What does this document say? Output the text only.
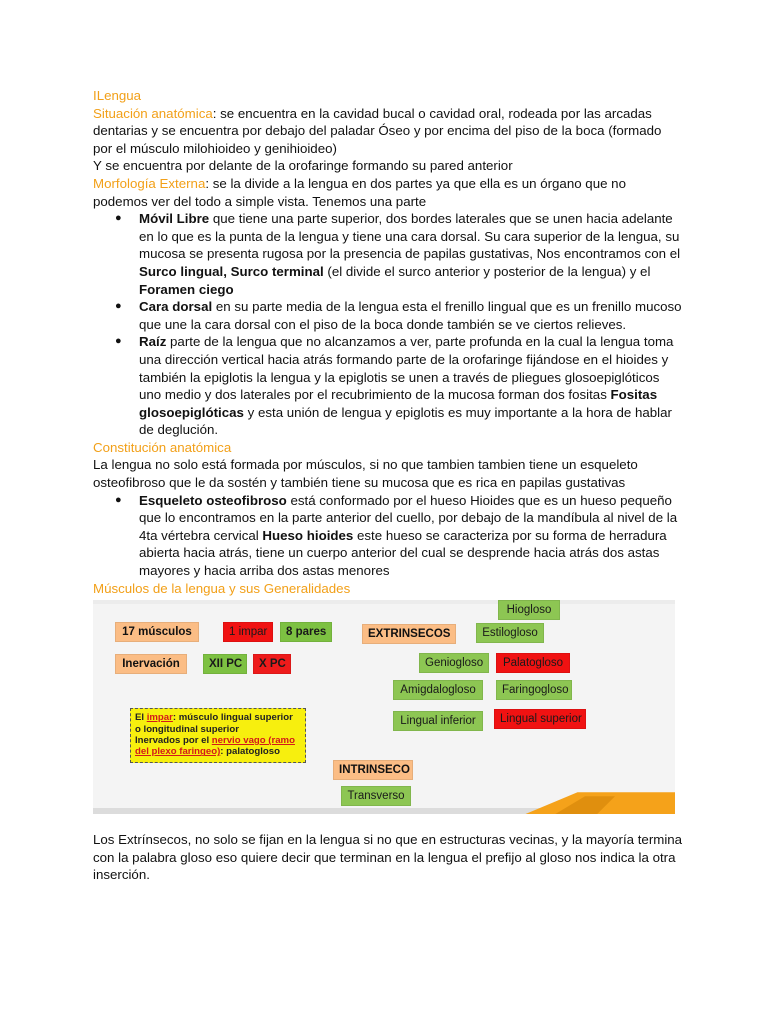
ILengua

Situación anatómica: se encuentra en la cavidad bucal o cavidad oral, rodeada por las arcadas dentarias y se encuentra por debajo del paladar Óseo y por encima del piso de la boca (formado por el músculo milohioideo y genihioideo)

Y se encuentra por delante de la orofaringe formando su pared anterior

Morfología Externa: se la divide a la lengua en dos partes ya que ella es un órgano que no podemos ver del todo a simple vista. Tenemos una parte

● Móvil Libre que tiene una parte superior, dos bordes laterales que se unen hacia adelante en lo que es la punta de la lengua y tiene una cara dorsal. Su cara superior de la lengua, su mucosa se presenta rugosa por la presencia de papilas gustativas, Nos encontramos con el Surco lingual, Surco terminal (el divide el surco anterior y posterior de la lengua) y el Foramen ciego
● Cara dorsal en su parte media de la lengua esta el frenillo lingual que es un frenillo mucoso que une la cara dorsal con el piso de la boca donde también se ve ciertos relieves.
● Raíz parte de la lengua que no alcanzamos a ver, parte profunda en la cual la lengua toma una dirección vertical hacia atrás formando parte de la orofaringe fijándose en el hioides y también la epiglotis la lengua y la epiglotis se unen a través de pliegues glosoepiglóticos uno medio y dos laterales por el recubrimiento de la mucosa forman dos fositas Fositas glosoepiglóticas y esta unión de lengua y epiglotis es muy importante a la hora de hablar de deglución.

Constitución anatómica

La lengua no solo está formada por músculos, si no que tambien tambien tiene un esqueleto osteofibroso que le da sostén y también tiene su mucosa que es rica en papilas gustativas

● Esqueleto osteofibroso está conformado por el hueso Hioides que es un hueso pequeño que lo encontramos en la parte anterior del cuello, por debajo de la mandíbula al nivel de la 4ta vértebra cervical Hueso hioides este hueso se caracteriza por su forma de herradura abierta hacia atrás, tiene un cuerpo anterior del cual se desprende hacia atrás dos astas mayores y hacia arriba dos astas menores

Músculos de la lengua y sus Generalidades

17 músculos	1 impar	8 pares
Inervación	XII PC	X PC
El impar: músculo lingual superior o longitudinal superior
Inervados por el nervio vago (ramo del plexo faringeo): palatogloso
EXTRINSECOS
Hiogloso
Estilogloso
Geniogloso	Palatogloso
Amigdalogloso	Faringogloso
Lingual inferior	Lingual superior
INTRINSECO
Transverso

Los Extrínsecos, no solo se fijan en la lengua si no que en estructuras vecinas, y la mayoría termina con la palabra gloso eso quiere decir que terminan en la lengua el prefijo al gloso nos indica la otra inserción.
